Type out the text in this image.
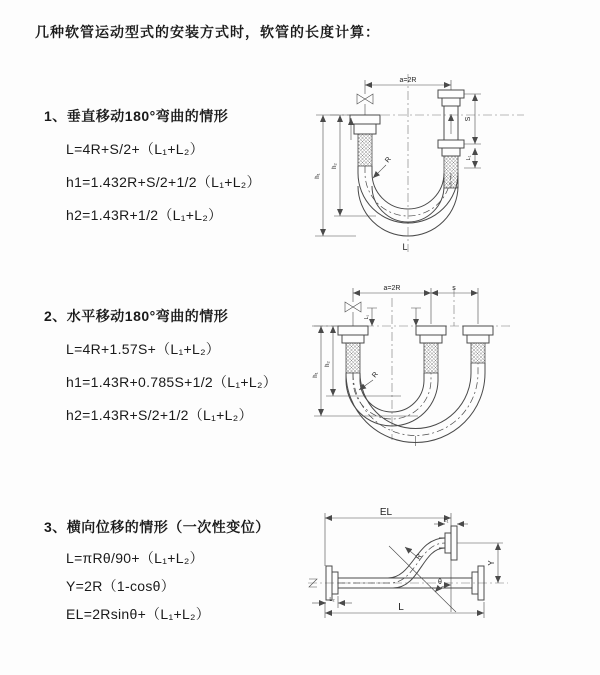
几种软管运动型式的安装方式时，软管的长度计算：
1、垂直移动180°弯曲的情形
L=4R+S/2+（L₁+L₂）
h1=1.432R+S/2+1/2（L₁+L₂）
h2=1.43R+1/2（L₁+L₂）
2、水平移动180°弯曲的情形
L=4R+1.57S+（L₁+L₂）
h1=1.43R+0.785S+1/2（L₁+L₂）
h2=1.43R+S/2+1/2（L₁+L₂）
3、横向位移的情形（一次性变位）
L=πRθ/90+（L₁+L₂）
Y=2R（1-cosθ）
EL=2Rsinθ+（L₁+L₂）
a=2R
S
L₁
h₁
h₂
R
L
a=2R	s
L₁
h₁
h₂
R
EL
L₁
θ
R
Y
L₂
L
